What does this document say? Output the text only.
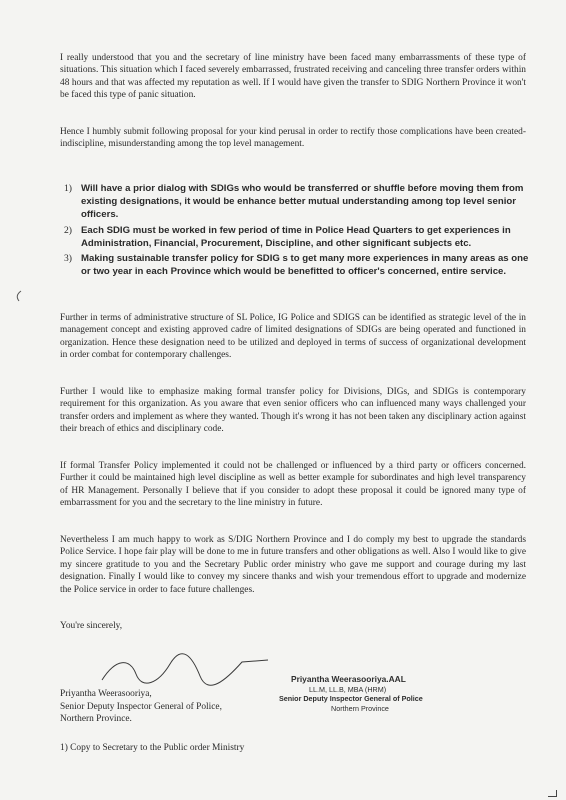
I really understood that you and the secretary of line ministry have been faced many embarrassments of these type of situations. This situation which I faced severely embarrassed, frustrated receiving and canceling three transfer orders within 48 hours and that was affected my reputation as well. If I would have given the transfer to SDIG Northern Province it won't be faced this type of panic situation.

Hence I humbly submit following proposal for your kind perusal in order to rectify those complications have been created- indiscipline, misunderstanding among the top level management.

1) Will have a prior dialog with SDIGs who would be transferred or shuffle before moving them from existing designations, it would be enhance better mutual understanding among top level senior officers.
2) Each SDIG must be worked in few period of time in Police Head Quarters to get experiences in Administration, Financial, Procurement, Discipline, and other significant subjects etc.
3) Making sustainable transfer policy for SDIG s to get many more experiences in many areas as one or two year in each Province which would be benefitted to officer's concerned, entire service.

Further in terms of administrative structure of SL Police, IG Police and SDIGS can be identified as strategic level of the in management concept and existing approved cadre of limited designations of SDIGs are being operated and functioned in organization. Hence these designation need to be utilized and deployed in terms of success of organizational development in order combat for contemporary challenges.

Further I would like to emphasize making formal transfer policy for Divisions, DIGs, and SDIGs is contemporary requirement for this organization. As you aware that even senior officers who can influenced many ways challenged your transfer orders and implement as where they wanted. Though it's wrong it has not been taken any disciplinary action against their breach of ethics and disciplinary code.

If formal Transfer Policy implemented it could not be challenged or influenced by a third party or officers concerned. Further it could be maintained high level discipline as well as better example for subordinates and high level transparency of HR Management. Personally I believe that if you consider to adopt these proposal it could be ignored many type of embarrassment for you and the secretary to the line ministry in future.

Nevertheless I am much happy to work as S/DIG Northern Province and I do comply my best to upgrade the standards Police Service. I hope fair play will be done to me in future transfers and other obligations as well. Also I would like to give my sincere gratitude to you and the Secretary Public order ministry who gave me support and courage during my last designation. Finally I would like to convey my sincere thanks and wish your tremendous effort to upgrade and modernize the Police service in order to face future challenges.

You're sincerely,
Priyantha Weerasooriya.AAL
LL.M, LL.B, MBA (HRM)
Senior Deputy Inspector General of Police
Northern Province
Priyantha Weerasooriya,
Senior Deputy Inspector General of Police,
Northern Province.
1) Copy to Secretary to the Public order Ministry
